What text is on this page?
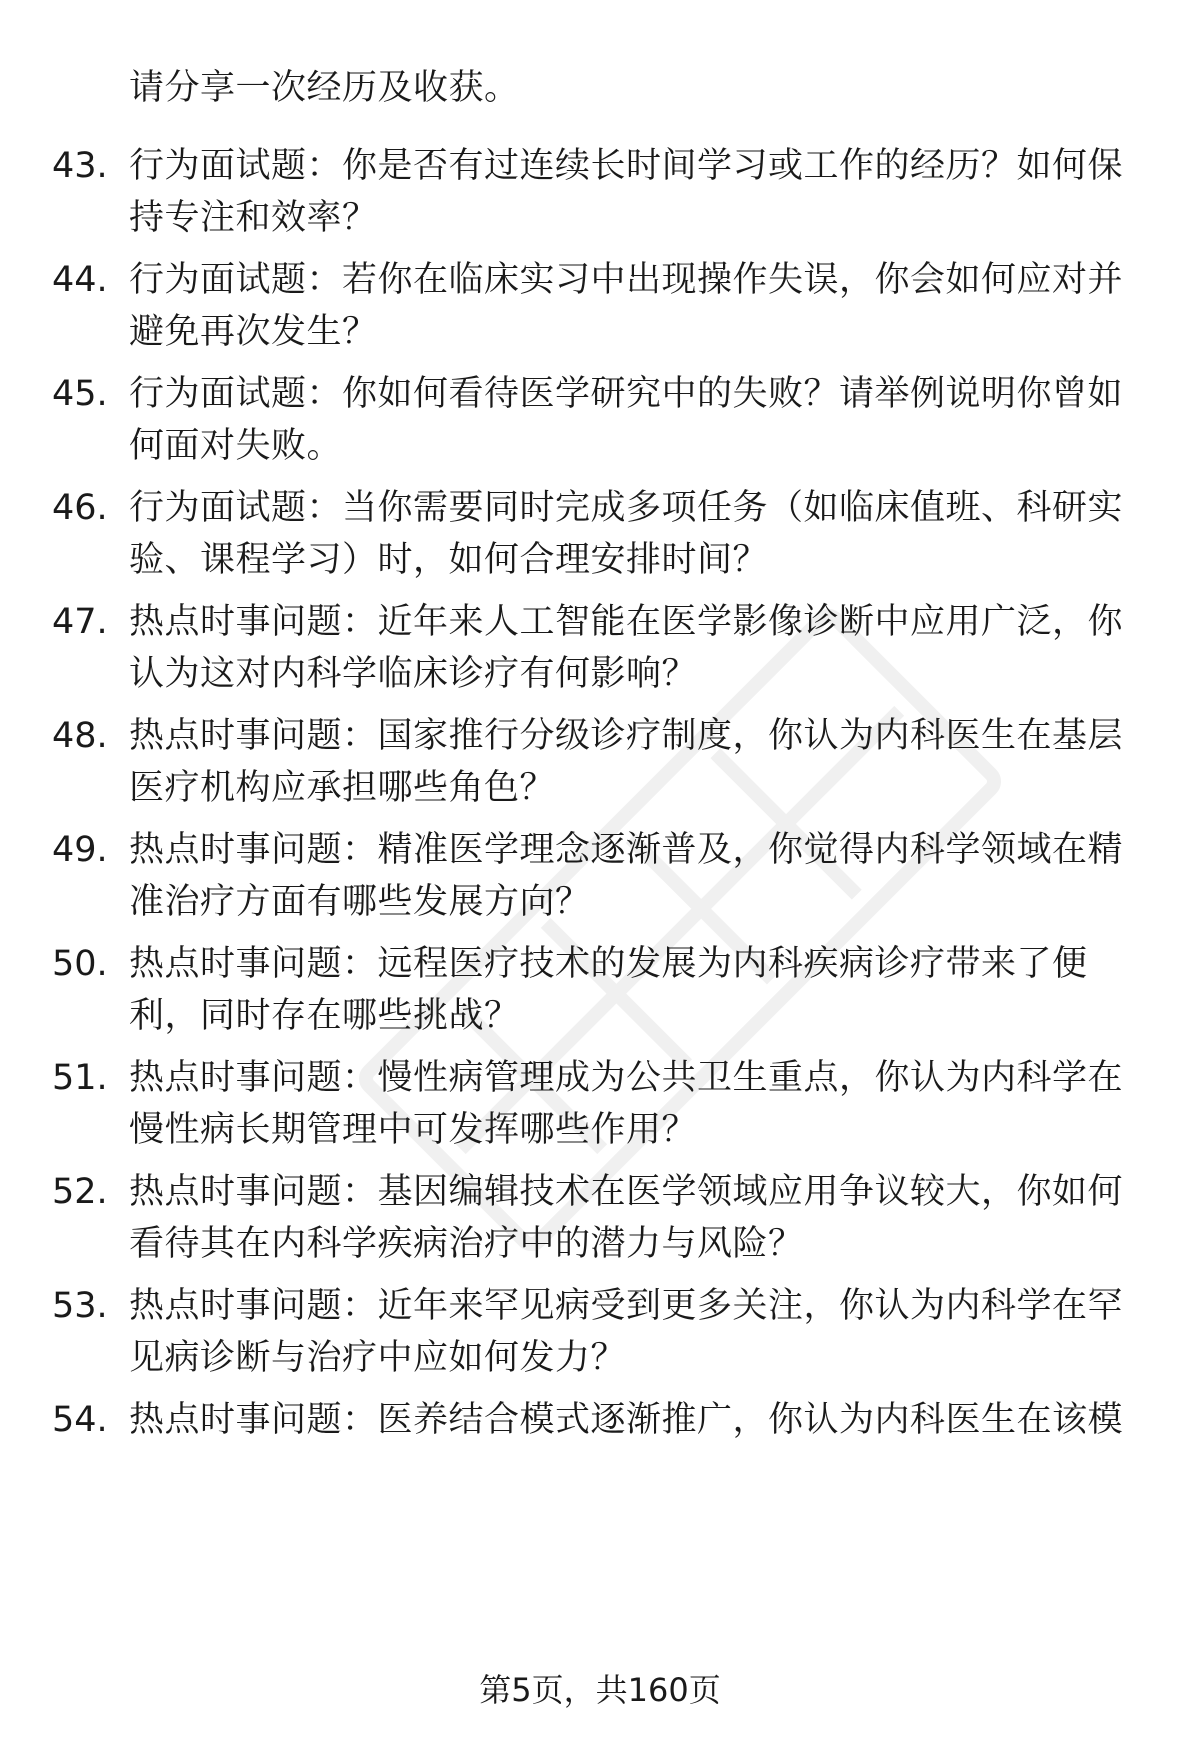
请分享一次经历及收获。
43. 行为面试题：你是否有过连续长时间学习或工作的经历？如何保持专注和效率？
44. 行为面试题：若你在临床实习中出现操作失误，你会如何应对并避免再次发生？
45. 行为面试题：你如何看待医学研究中的失败？请举例说明你曾如何面对失败。
46. 行为面试题：当你需要同时完成多项任务（如临床值班、科研实验、课程学习）时，如何合理安排时间？
47. 热点时事问题：近年来人工智能在医学影像诊断中应用广泛，你认为这对内科学临床诊疗有何影响？
48. 热点时事问题：国家推行分级诊疗制度，你认为内科医生在基层医疗机构应承担哪些角色？
49. 热点时事问题：精准医学理念逐渐普及，你觉得内科学领域在精准治疗方面有哪些发展方向？
50. 热点时事问题：远程医疗技术的发展为内科疾病诊疗带来了便利，同时存在哪些挑战？
51. 热点时事问题：慢性病管理成为公共卫生重点，你认为内科学在慢性病长期管理中可发挥哪些作用？
52. 热点时事问题：基因编辑技术在医学领域应用争议较大，你如何看待其在内科学疾病治疗中的潜力与风险？
53. 热点时事问题：近年来罕见病受到更多关注，你认为内科学在罕见病诊断与治疗中应如何发力？
54. 热点时事问题：医养结合模式逐渐推广，你认为内科医生在该模
第5页，共160页
